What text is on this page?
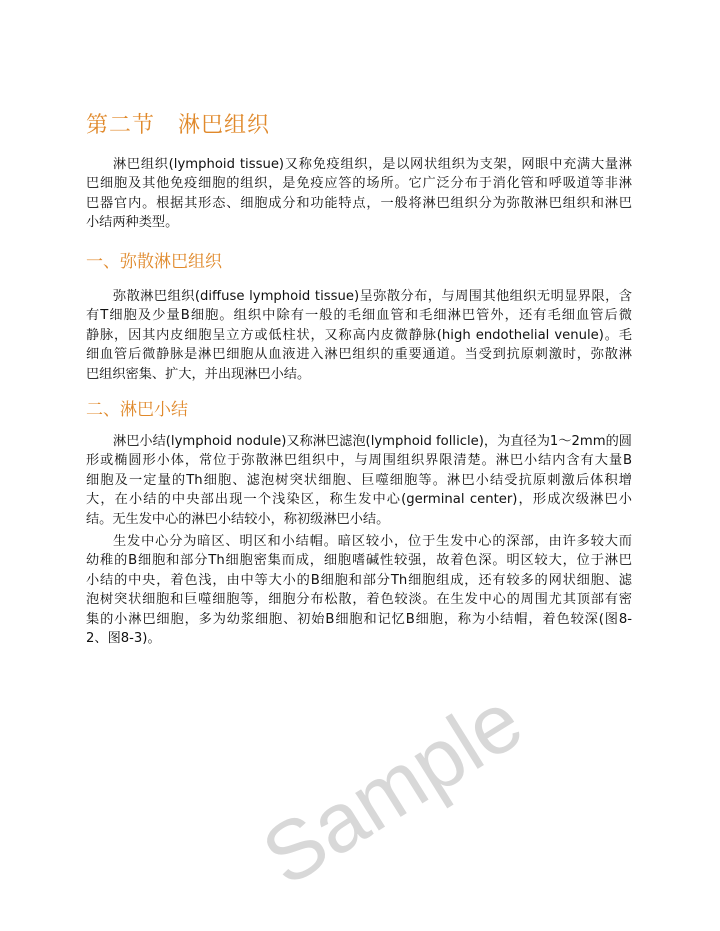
第二节　淋巴组织
淋巴组织(lymphoid tissue)又称免疫组织，是以网状组织为支架，网眼中充满大量淋
巴细胞及其他免疫细胞的组织，是免疫应答的场所。它广泛分布于消化管和呼吸道等非淋
巴器官内。根据其形态、细胞成分和功能特点，一般将淋巴组织分为弥散淋巴组织和淋巴
小结两种类型。
一、弥散淋巴组织
弥散淋巴组织(diffuse lymphoid tissue)呈弥散分布，与周围其他组织无明显界限，含
有T细胞及少量B细胞。组织中除有一般的毛细血管和毛细淋巴管外，还有毛细血管后微
静脉，因其内皮细胞呈立方或低柱状，又称高内皮微静脉(high endothelial venule)。毛
细血管后微静脉是淋巴细胞从血液进入淋巴组织的重要通道。当受到抗原刺激时，弥散淋
巴组织密集、扩大，并出现淋巴小结。
二、淋巴小结
淋巴小结(lymphoid nodule)又称淋巴滤泡(lymphoid follicle)，为直径为1～2mm的圆
形或椭圆形小体，常位于弥散淋巴组织中，与周围组织界限清楚。淋巴小结内含有大量B
细胞及一定量的Th细胞、滤泡树突状细胞、巨噬细胞等。淋巴小结受抗原刺激后体积增
大，在小结的中央部出现一个浅染区，称生发中心(germinal center)，形成次级淋巴小
结。无生发中心的淋巴小结较小，称初级淋巴小结。
生发中心分为暗区、明区和小结帽。暗区较小，位于生发中心的深部，由许多较大而
幼稚的B细胞和部分Th细胞密集而成，细胞嗜碱性较强，故着色深。明区较大，位于淋巴
小结的中央，着色浅，由中等大小的B细胞和部分Th细胞组成，还有较多的网状细胞、滤
泡树突状细胞和巨噬细胞等，细胞分布松散，着色较淡。在生发中心的周围尤其顶部有密
集的小淋巴细胞，多为幼浆细胞、初始B细胞和记忆B细胞，称为小结帽，着色较深(图8-
2、图8-3)。
Sample
